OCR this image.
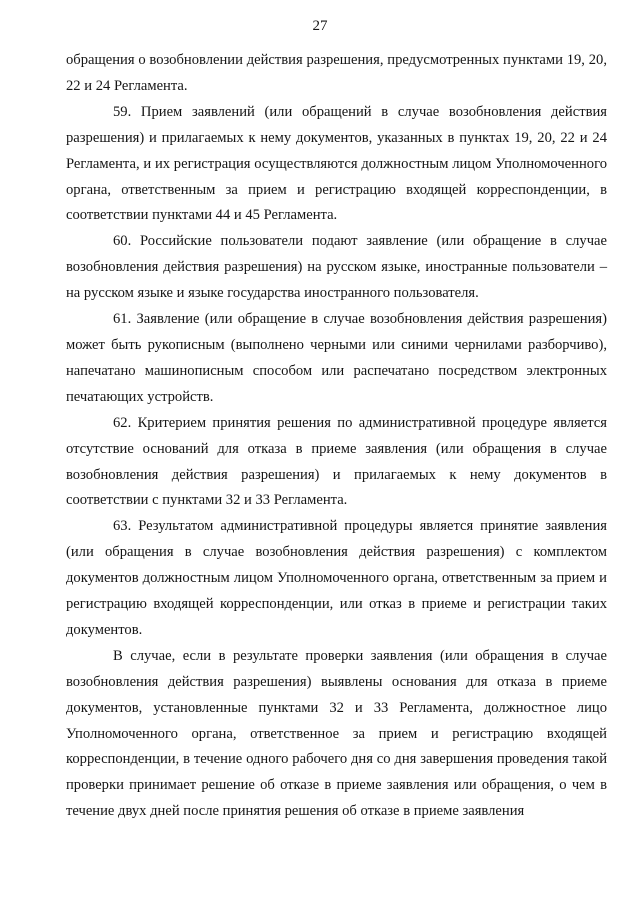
27

обращения о возобновлении действия разрешения, предусмотренных пунктами 19, 20, 22 и 24 Регламента.

59. Прием заявлений (или обращений в случае возобновления действия разрешения) и прилагаемых к нему документов, указанных в пунктах 19, 20, 22 и 24 Регламента, и их регистрация осуществляются должностным лицом Уполномоченного органа, ответственным за прием и регистрацию входящей корреспонденции, в соответствии пунктами 44 и 45 Регламента.

60. Российские пользователи подают заявление (или обращение в случае возобновления действия разрешения) на русском языке, иностранные пользователи – на русском языке и языке государства иностранного пользователя.

61. Заявление (или обращение в случае возобновления действия разрешения) может быть рукописным (выполнено черными или синими чернилами разборчиво), напечатано машинописным способом или распечатано посредством электронных печатающих устройств.

62. Критерием принятия решения по административной процедуре является отсутствие оснований для отказа в приеме заявления (или обращения в случае возобновления действия разрешения) и прилагаемых к нему документов в соответствии с пунктами 32 и 33 Регламента.

63. Результатом административной процедуры является принятие заявления (или обращения в случае возобновления действия разрешения) с комплектом документов должностным лицом Уполномоченного органа, ответственным за прием и регистрацию входящей корреспонденции, или отказ в приеме и регистрации таких документов.

В случае, если в результате проверки заявления (или обращения в случае возобновления действия разрешения) выявлены основания для отказа в приеме документов, установленные пунктами 32 и 33 Регламента, должностное лицо Уполномоченного органа, ответственное за прием и регистрацию входящей корреспонденции, в течение одного рабочего дня со дня завершения проведения такой проверки принимает решение об отказе в приеме заявления или обращения, о чем в течение двух дней после принятия решения об отказе в приеме заявления
